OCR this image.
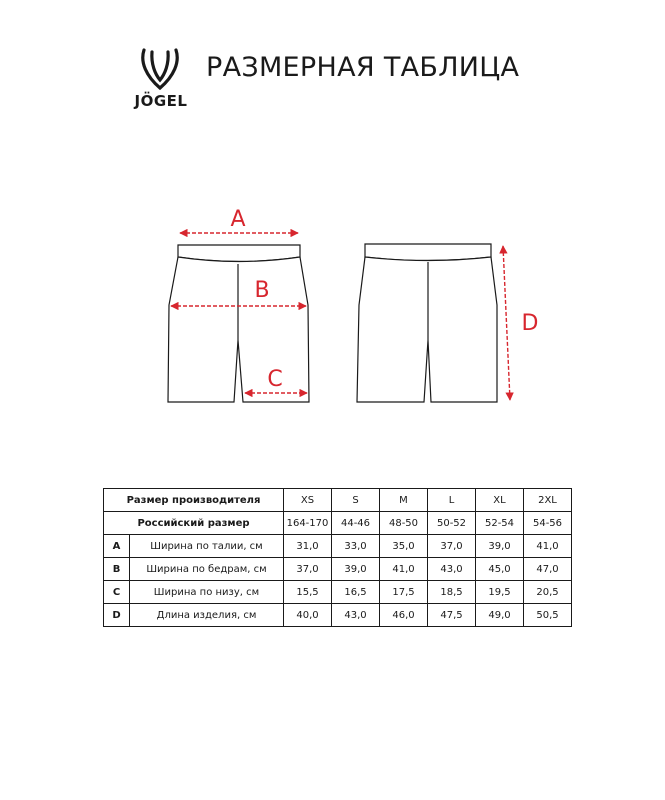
JÖGEL
РАЗМЕРНАЯ ТАБЛИЦА
A
B
C
D
Размер производителя		XS	S	M	L	XL	2XL
Российский размер		164-170	44-46	48-50	50-52	52-54	54-56
A	Ширина по талии, см	31,0	33,0	35,0	37,0	39,0	41,0
B	Ширина по бедрам, см	37,0	39,0	41,0	43,0	45,0	47,0
C	Ширина по низу, см	15,5	16,5	17,5	18,5	19,5	20,5
D	Длина изделия, см	40,0	43,0	46,0	47,5	49,0	50,5
